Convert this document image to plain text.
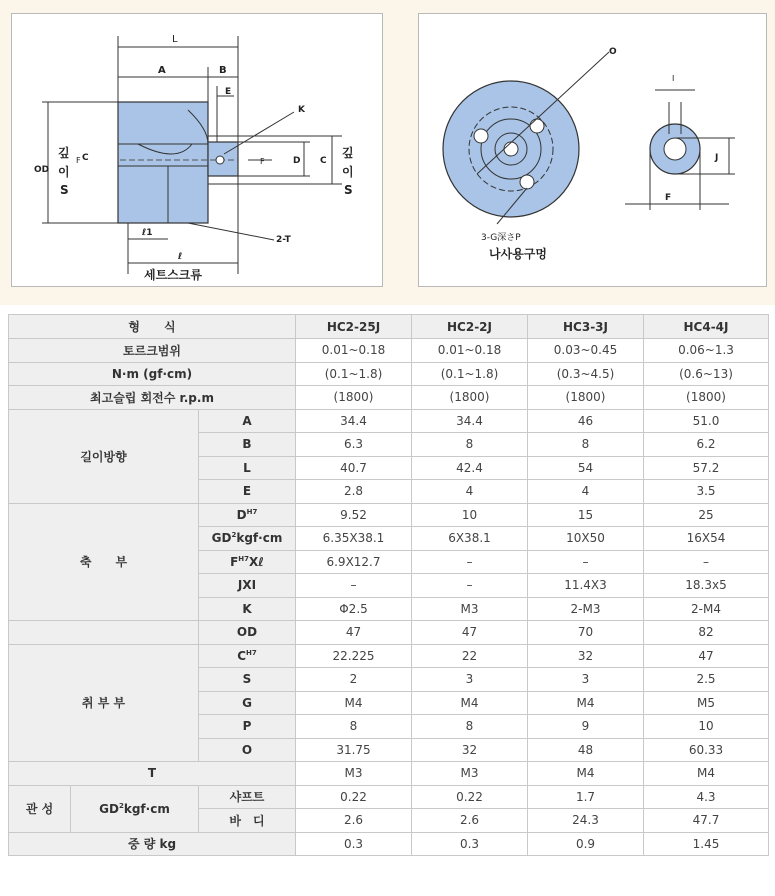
L
A	B
E
K
F	F	D C
C
OD
깊
이
S
깊
이
S
ℓ1
ℓ
2-T
세트스크류
O
3-G深さP
나사용구멍
I
J
F
형　　식			HC2-25J	HC2-2J	HC3-3J	HC4-4J
토르크범위			0.01~0.18	0.01~0.18	0.03~0.45	0.06~1.3
N·m (gf·cm)			(0.1~1.8)	(0.1~1.8)	(0.3~4.5)	(0.6~13)
최고슬립 회전수 r.p.m			(1800)	(1800)	(1800)	(1800)
길이방향		A	34.4	34.4	46	51.0
		B	6.3	8	8	6.2
		L	40.7	42.4	54	57.2
		E	2.8	4	4	3.5
축　　부		$D^{H7}$	9.52	10	15	25
		$GD^2kgf\cdot cm$	6.35X38.1	6X38.1	10X50	16X54
		$F^{H7}X\ell$	6.9X12.7	–	–	–
		JXI	–	–	11.4X3	18.3x5
		K	Φ2.5	M3	2-M3	2-M4
		OD	47	47	70	82
취 부 부		$C^{H7}$	22.225	22	32	47
		S	2	3	3	2.5
		G	M4	M4	M4	M5
		P	8	8	9	10
		O	31.75	32	48	60.33
T			M3	M3	M4	M4
관 성	$GD^2kgf\cdot cm$	샤프트	0.22	0.22	1.7	4.3
		바　디	2.6	2.6	24.3	47.7
중 량 kg			0.3	0.3	0.9	1.45
